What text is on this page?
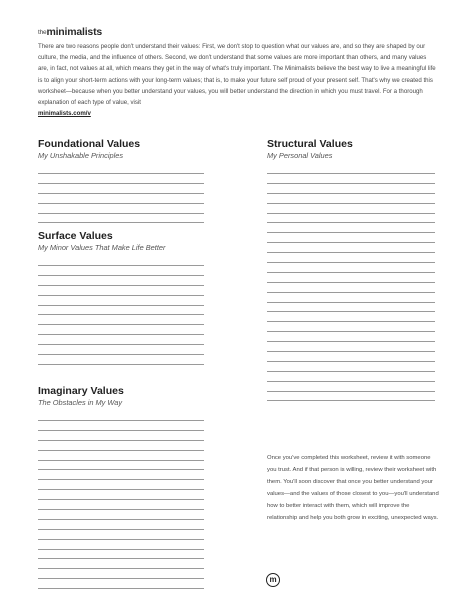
theminimalists

There are two reasons people don't understand their values: First, we don't stop to question what our values are, and so they are shaped by our culture, the media, and the influence of others. Second, we don't understand that some values are more important than others, and many values are, in fact, not values at all, which means they get in the way of what's truly important. The Minimalists believe the best way to live a meaningful life is to align your short-term actions with your long-term values; that is, to make your future self proud of your present self. That's why we created this worksheet—because when you better understand your values, you will better understand the direction in which you must travel. For a thorough explanation of each type of value, visit
minimalists.com/v

Foundational Values
My Unshakable Principles
Surface Values
My Minor Values That Make Life Better
Imaginary Values
The Obstacles in My Way
Structural Values
My Personal Values
Once you've completed this worksheet, review it with someone you trust. And if that person is willing, review their worksheet with them. You'll soon discover that once you better understand your values—and the values of those closest to you—you'll understand how to better interact with them, which will improve the relationship and help you both grow in exciting, unexpected ways.
m
